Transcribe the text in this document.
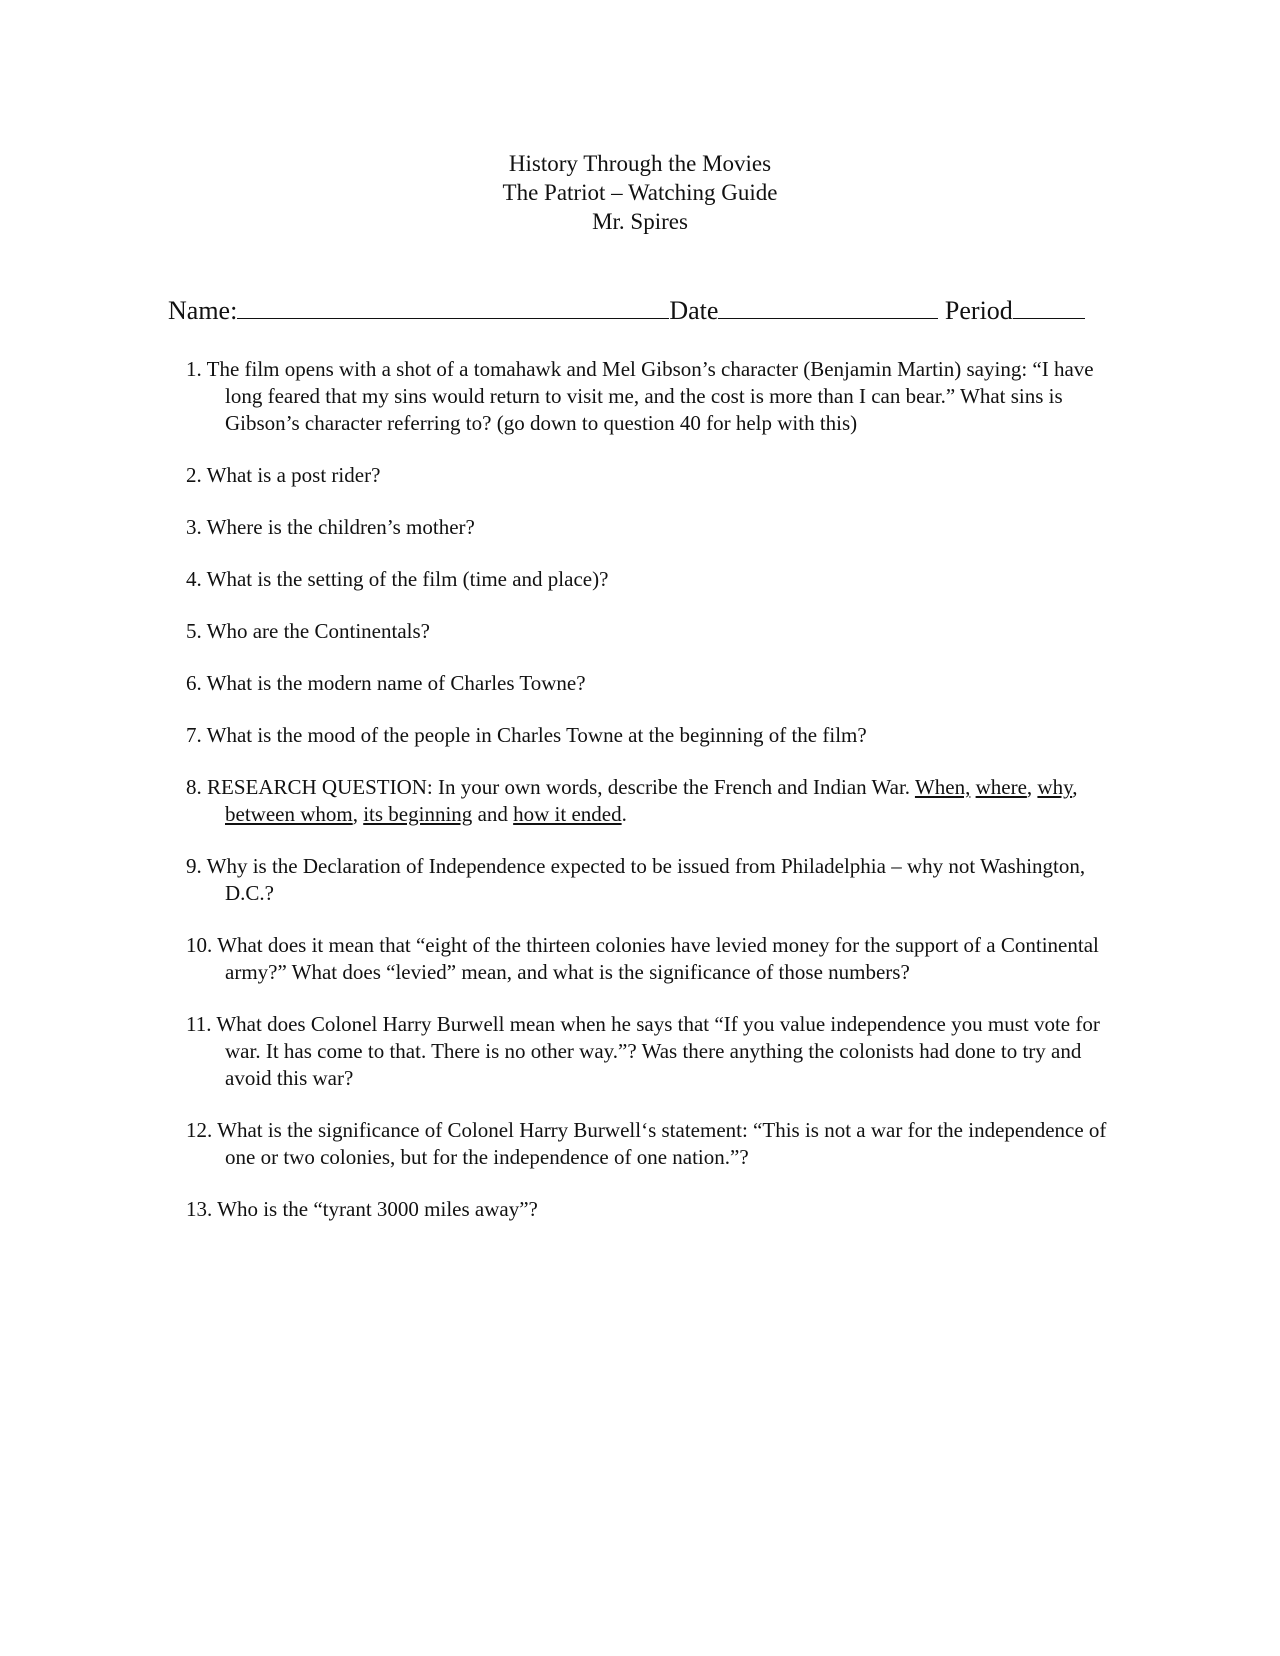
History Through the Movies
The Patriot – Watching Guide
Mr. Spires
Name:	Date	Period
1. The film opens with a shot of a tomahawk and Mel Gibson’s character (Benjamin Martin) saying: “I have long feared that my sins would return to visit me, and the cost is more than I can bear.” What sins is Gibson’s character referring to? (go down to question 40 for help with this)
2. What is a post rider?
3. Where is the children’s mother?
4. What is the setting of the film (time and place)?
5. Who are the Continentals?
6. What is the modern name of Charles Towne?
7. What is the mood of the people in Charles Towne at the beginning of the film?
8. RESEARCH QUESTION: In your own words, describe the French and Indian War. When, where, why, between whom, its beginning and how it ended.
9. Why is the Declaration of Independence expected to be issued from Philadelphia – why not Washington, D.C.?
10. What does it mean that “eight of the thirteen colonies have levied money for the support of a Continental army?” What does “levied” mean, and what is the significance of those numbers?
11. What does Colonel Harry Burwell mean when he says that “If you value independence you must vote for war. It has come to that. There is no other way.”? Was there anything the colonists had done to try and avoid this war?
12. What is the significance of Colonel Harry Burwell‘s statement: “This is not a war for the independence of one or two colonies, but for the independence of one nation.”?
13. Who is the “tyrant 3000 miles away”?
